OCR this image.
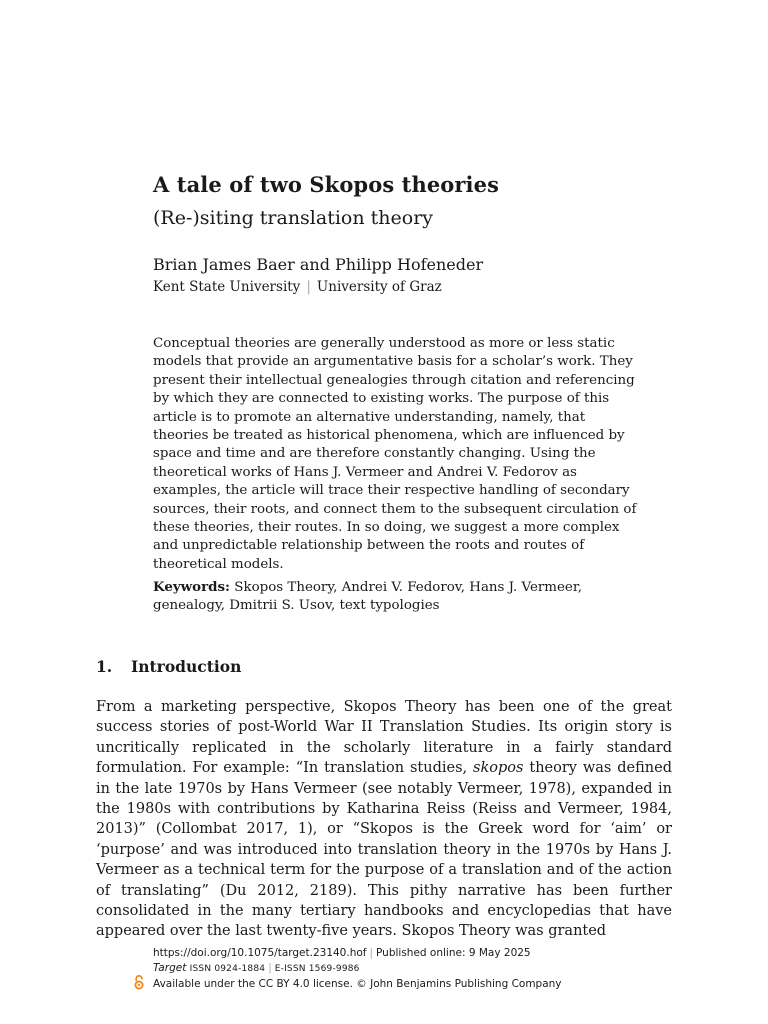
A tale of two Skopos theories
(Re-)siting translation theory
Brian James Baer and Philipp Hofeneder
Kent State University | University of Graz

Conceptual theories are generally understood as more or less static models that provide an argumentative basis for a scholar’s work. They present their intellectual genealogies through citation and referencing by which they are connected to existing works. The purpose of this article is to promote an alternative understanding, namely, that theories be treated as historical phenomena, which are influenced by space and time and are therefore constantly changing. Using the theoretical works of Hans J. Vermeer and Andrei V. Fedorov as examples, the article will trace their respective handling of secondary sources, their roots, and connect them to the subsequent circulation of these theories, their routes. In so doing, we suggest a more complex and unpredictable relationship between the roots and routes of theoretical models.

Keywords: Skopos Theory, Andrei V. Fedorov, Hans J. Vermeer, genealogy, Dmitrii S. Usov, text typologies

1. Introduction

From a marketing perspective, Skopos Theory has been one of the great success stories of post-World War II Translation Studies. Its origin story is uncritically replicated in the scholarly literature in a fairly standard formulation. For example: “In translation studies, skopos theory was defined in the late 1970s by Hans Vermeer (see notably Vermeer, 1978), expanded in the 1980s with contributions by Katharina Reiss (Reiss and Vermeer, 1984, 2013)” (Collombat 2017, 1), or “Skopos is the Greek word for ‘aim’ or ‘purpose’ and was introduced into translation theory in the 1970s by Hans J. Vermeer as a technical term for the purpose of a translation and of the action of translating” (Du 2012, 2189). This pithy narrative has been further consolidated in the many tertiary handbooks and encyclopedias that have appeared over the last twenty-five years. Skopos Theory was granted

https://doi.org/10.1075/target.23140.hof | Published online: 9 May 2025
Target ISSN 0924-1884 | E-ISSN 1569-9986
Available under the CC BY 4.0 license. © John Benjamins Publishing Company
